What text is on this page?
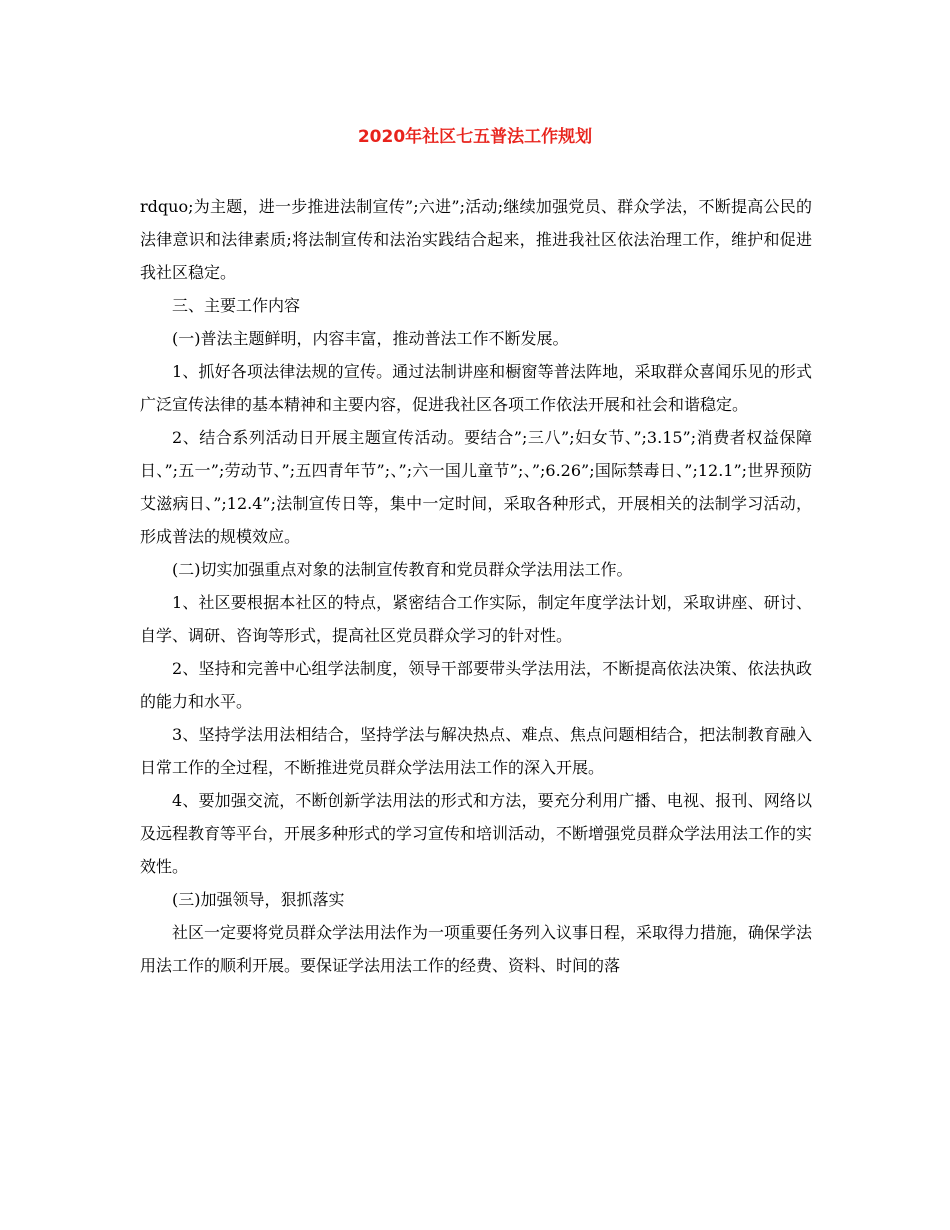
2020年社区七五普法工作规划

rdquo;为主题，进一步推进法制宣传”;六进”;活动;继续加强党员、群众学法，不断提高公民的法律意识和法律素质;将法制宣传和法治实践结合起来，推进我社区依法治理工作，维护和促进我社区稳定。

三、主要工作内容

(一)普法主题鲜明，内容丰富，推动普法工作不断发展。

1、抓好各项法律法规的宣传。通过法制讲座和橱窗等普法阵地，采取群众喜闻乐见的形式广泛宣传法律的基本精神和主要内容，促进我社区各项工作依法开展和社会和谐稳定。

2、结合系列活动日开展主题宣传活动。要结合”;三八”;妇女节、”;3.15”;消费者权益保障日、”;五一”;劳动节、”;五四青年节”;、”;六一国儿童节”;、”;6.26”;国际禁毒日、”;12.1”;世界预防艾滋病日、”;12.4”;法制宣传日等，集中一定时间，采取各种形式，开展相关的法制学习活动，形成普法的规模效应。

(二)切实加强重点对象的法制宣传教育和党员群众学法用法工作。

1、社区要根据本社区的特点，紧密结合工作实际，制定年度学法计划，采取讲座、研讨、自学、调研、咨询等形式，提高社区党员群众学习的针对性。

2、坚持和完善中心组学法制度，领导干部要带头学法用法，不断提高依法决策、依法执政的能力和水平。

3、坚持学法用法相结合，坚持学法与解决热点、难点、焦点问题相结合，把法制教育融入日常工作的全过程，不断推进党员群众学法用法工作的深入开展。

4、要加强交流，不断创新学法用法的形式和方法，要充分利用广播、电视、报刊、网络以及远程教育等平台，开展多种形式的学习宣传和培训活动，不断增强党员群众学法用法工作的实效性。

(三)加强领导，狠抓落实

社区一定要将党员群众学法用法作为一项重要任务列入议事日程，采取得力措施，确保学法用法工作的顺利开展。要保证学法用法工作的经费、资料、时间的落
